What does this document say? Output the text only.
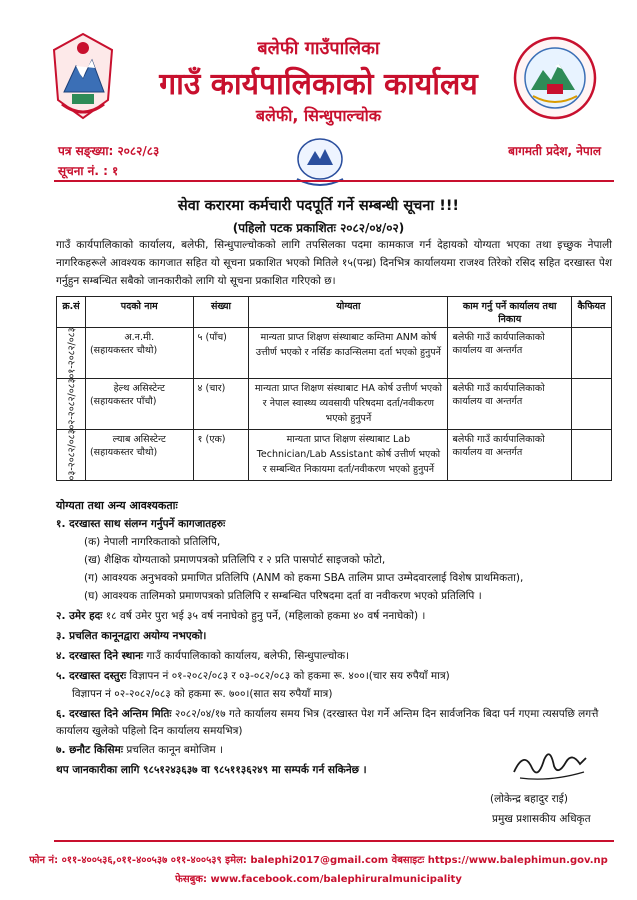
बलेफी गाउँपालिका
गाउँ कार्यपालिकाको कार्यालय
बलेफी, सिन्धुपाल्चोक
पत्र सङ्ख्या: २०८२/८३
सूचना नं. : १
बागमती प्रदेश, नेपाल
सेवा करारमा कर्मचारी पदपूर्ति गर्ने सम्बन्धी सूचना !!!
(पहिलो पटक प्रकाशितः २०८२/०४/०२)
गाउँ कार्यपालिकाको कार्यालय, बलेफी, सिन्धुपाल्चोकको लागि तपसिलका पदमा कामकाज गर्न देहायको योग्यता भएका तथा इच्छुक नेपाली नागरिकहरूले आवश्यक कागजात सहित यो सूचना प्रकाशित भएको मितिले १५(पन्ध्र) दिनभित्र कार्यालयमा राजश्व तिरेको रसिद सहित दरखास्त पेश गर्नुहुन सम्बन्धित सबैको जानकारीको लागि यो सूचना प्रकाशित गरिएको छ।
क्र.सं	पदको नाम	संख्या	योग्यता	काम गर्नु पर्ने कार्यालय तथा निकाय	कैफियत

०१-२०८२/०८३	अ.न.मी.
(सहायकस्तर चौथो)	५ (पाँच)	मान्यता प्राप्त शिक्षण संस्थाबाट कम्तिमा ANM कोर्ष उत्तीर्ण भएको र नर्सिङ काउन्सिलमा दर्ता भएको हुनुपर्ने	बलेफी गाउँ कार्यपालिकाको कार्यालय वा अन्तर्गत	

०२-२०८२/०८३	हेल्थ असिस्टेन्ट
(सहायकस्तर पाँचौ)	४ (चार)	मान्यता प्राप्त शिक्षण संस्थाबाट HA कोर्ष उत्तीर्ण भएको र नेपाल स्वास्थ्य व्यवसायी परिषदमा दर्ता/नवीकरण भएको हुनुपर्ने	बलेफी गाउँ कार्यपालिकाको कार्यालय वा अन्तर्गत	

०३-२०८२/०८३	ल्याब असिस्टेन्ट
(सहायकस्तर चौथो)	१ (एक)	मान्यता प्राप्त शिक्षण संस्थाबाट Lab Technician/Lab Assistant कोर्ष उत्तीर्ण भएको र सम्बन्धित निकायमा दर्ता/नवीकरण भएको हुनुपर्ने	बलेफी गाउँ कार्यपालिकाको कार्यालय वा अन्तर्गत	
योग्यता तथा अन्य आवश्यकताः
१. दरखास्त साथ संलग्न गर्नुपर्ने कागजातहरुः
(क) नेपाली नागरिकताको प्रतिलिपि,
(ख) शैक्षिक योग्यताको प्रमाणपत्रको प्रतिलिपि र २ प्रति पासपोर्ट साइजको फोटो,
(ग) आवश्यक अनुभवको प्रमाणित प्रतिलिपि (ANM को हकमा SBA तालिम प्राप्त उम्मेदवारलाई विशेष प्राथमिकता),
(घ) आवश्यक तालिमको प्रमाणपत्रको प्रतिलिपि र सम्बन्धित परिषदमा दर्ता वा नवीकरण भएको प्रतिलिपि ।
२. उमेर हदः १८ वर्ष उमेर पुरा भई ३५ वर्ष ननाघेको हुनु पर्ने, (महिलाको हकमा ४० वर्ष ननाघेको) ।
३. प्रचलित कानूनद्वारा अयोग्य नभएको।
४. दरखास्त दिने स्थानः गाउँ कार्यपालिकाको कार्यालय, बलेफी, सिन्धुपाल्चोक।
५. दरखास्त दस्तुरः विज्ञापन नं ०१-२०८२/०८३ र ०३-०८२/०८३ को हकमा रू. ४००।(चार सय रुपैयाँ मात्र)
विज्ञापन नं ०२-२०८२/०८३ को हकमा रू. ७००।(सात सय रुपैयाँ मात्र)
६. दरखास्त दिने अन्तिम मितिः २०८२/०४/१७ गते कार्यालय समय भित्र (दरखास्त पेश गर्ने अन्तिम दिन सार्वजनिक बिदा पर्न गएमा त्यसपछि लगत्तै कार्यालय खुलेको पहिलो दिन कार्यालय समयभित्र)
७. छनौट किसिमः प्रचलित कानून बमोजिम ।
थप जानकारीका लागि ९८५१२४३६३७ वा ९८५११३६२४९ मा सम्पर्क गर्न सकिनेछ ।
(लोकेन्द्र बहादुर राई)
प्रमुख प्रशासकीय अधिकृत
फोन नं: ०११-४००५३६,०११-४००५३७ ०११-४००५३९ इमेल: balephi2017@gmail.com वेबसाइटः https://www.balephimun.gov.np
फेसबुक: www.facebook.com/balephiruralmunicipality
